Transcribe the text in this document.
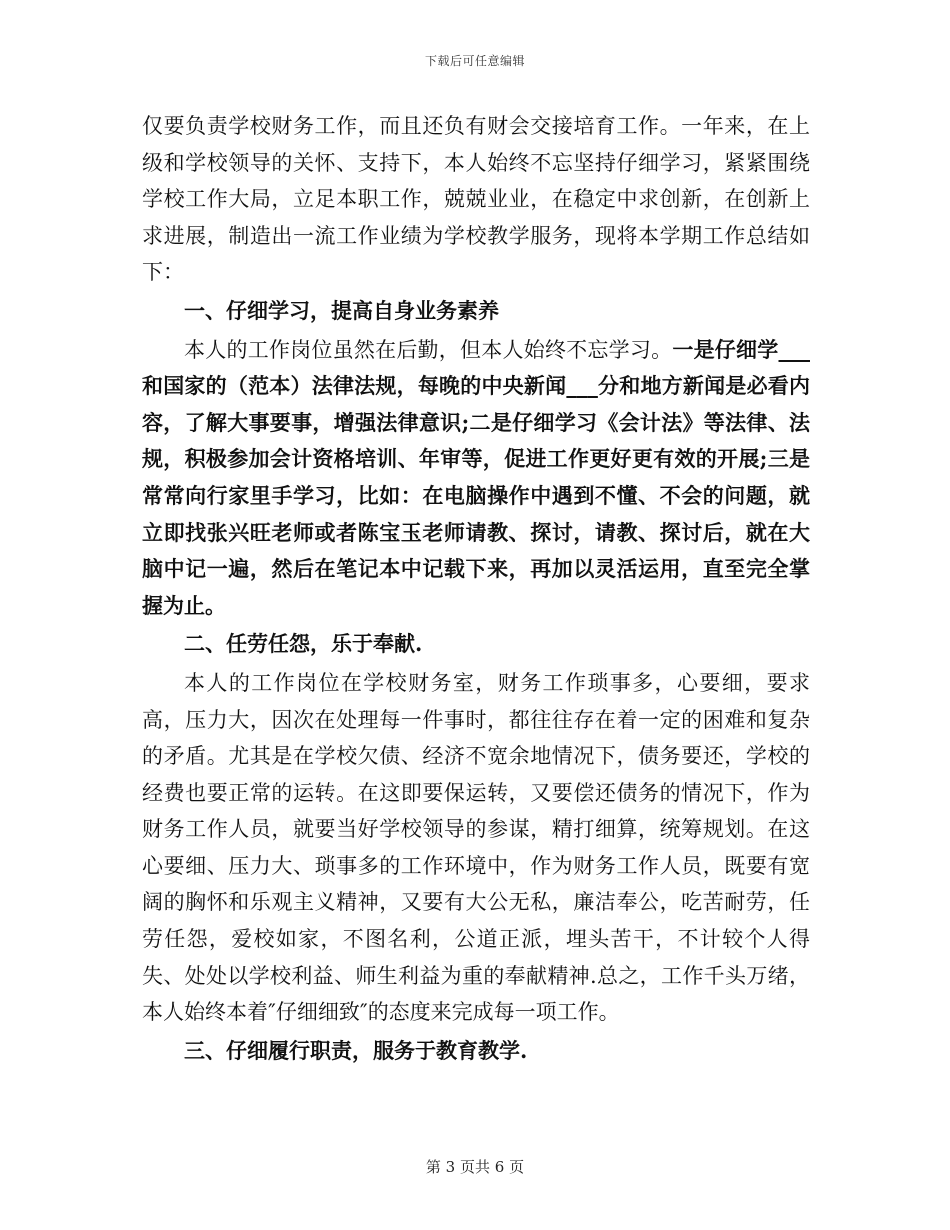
下载后可任意编辑

仅要负责学校财务工作，而且还负有财会交接培育工作。一年来，在上级和学校领导的关怀、支持下，本人始终不忘坚持仔细学习，紧紧围绕学校工作大局，立足本职工作，兢兢业业，在稳定中求创新，在创新上求进展，制造出一流工作业绩为学校教学服务，现将本学期工作总结如下：

一、仔细学习，提高自身业务素养

本人的工作岗位虽然在后勤，但本人始终不忘学习。一是仔细学___和国家的（范本）法律法规，每晚的中央新闻___分和地方新闻是必看内容，了解大事要事，增强法律意识;二是仔细学习《会计法》等法律、法规，积极参加会计资格培训、年审等，促进工作更好更有效的开展;三是常常向行家里手学习，比如：在电脑操作中遇到不懂、不会的问题，就立即找张兴旺老师或者陈宝玉老师请教、探讨，请教、探讨后，就在大脑中记一遍，然后在笔记本中记载下来，再加以灵活运用，直至完全掌握为止。

二、任劳任怨，乐于奉献.

本人的工作岗位在学校财务室，财务工作琐事多，心要细，要求高，压力大，因次在处理每一件事时，都往往存在着一定的困难和复杂的矛盾。尤其是在学校欠债、经济不宽余地情况下，债务要还，学校的经费也要正常的运转。在这即要保运转，又要偿还债务的情况下，作为财务工作人员，就要当好学校领导的参谋，精打细算，统筹规划。在这心要细、压力大、琐事多的工作环境中，作为财务工作人员，既要有宽阔的胸怀和乐观主义精神，又要有大公无私，廉洁奉公，吃苦耐劳，任劳任怨，爱校如家，不图名利，公道正派，埋头苦干，不计较个人得失、处处以学校利益、师生利益为重的奉献精神.总之，工作千头万绪，本人始终本着″仔细细致″的态度来完成每一项工作。

三、仔细履行职责，服务于教育教学.

第 3 页共 6 页
